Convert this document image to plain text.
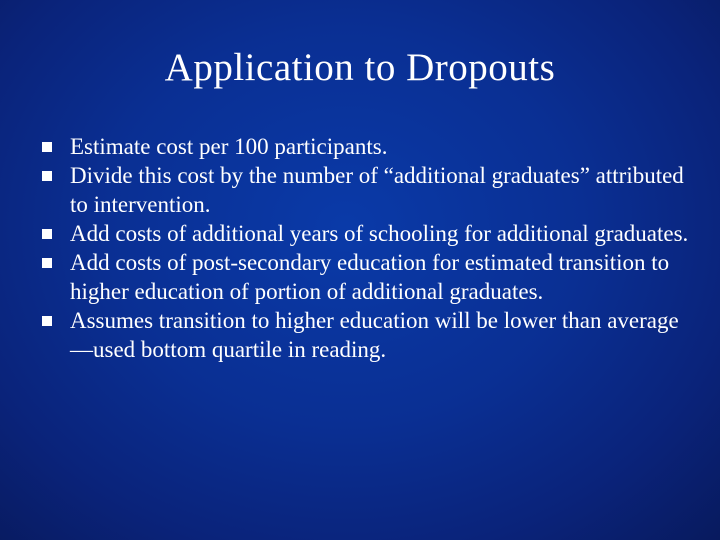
Application to Dropouts
Estimate cost per 100 participants.
Divide this cost by the number of “additional graduates” attributed to intervention.
Add costs of additional years of schooling for additional graduates.
Add costs of post-secondary education for estimated transition to higher education of portion of additional graduates.
Assumes transition to higher education will be lower than average—used bottom quartile in reading.
